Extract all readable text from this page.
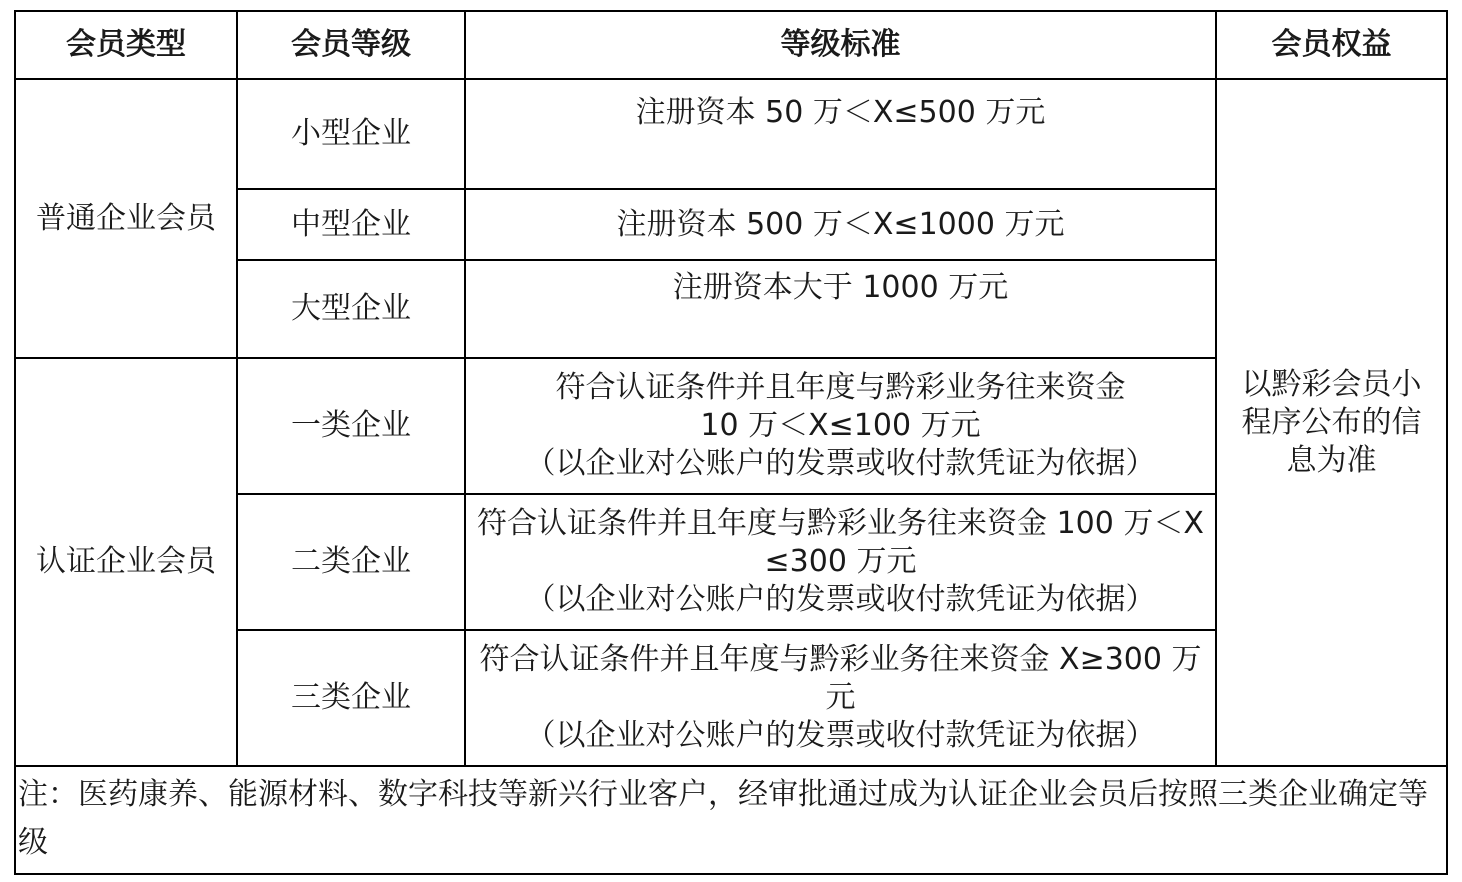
会员类型	会员等级	等级标准	会员权益
普通企业会员	小型企业	注册资本 50 万＜X≤500 万元	以黔彩会员小程序公布的信息为准
	中型企业	注册资本 500 万＜X≤1000 万元	

	大型企业	注册资本大于 1000 万元	

认证企业会员	一类企业	符合认证条件并且年度与黔彩业务往来资金
10 万＜X≤100 万元
（以企业对公账户的发票或收付款凭证为依据）	

	二类企业	符合认证条件并且年度与黔彩业务往来资金 100 万＜X≤300 万元
（以企业对公账户的发票或收付款凭证为依据）	

	三类企业	符合认证条件并且年度与黔彩业务往来资金 X≥300 万元
（以企业对公账户的发票或收付款凭证为依据）	

注：医药康养、能源材料、数字科技等新兴行业客户，经审批通过成为认证企业会员后按照三类企业确定等级			
